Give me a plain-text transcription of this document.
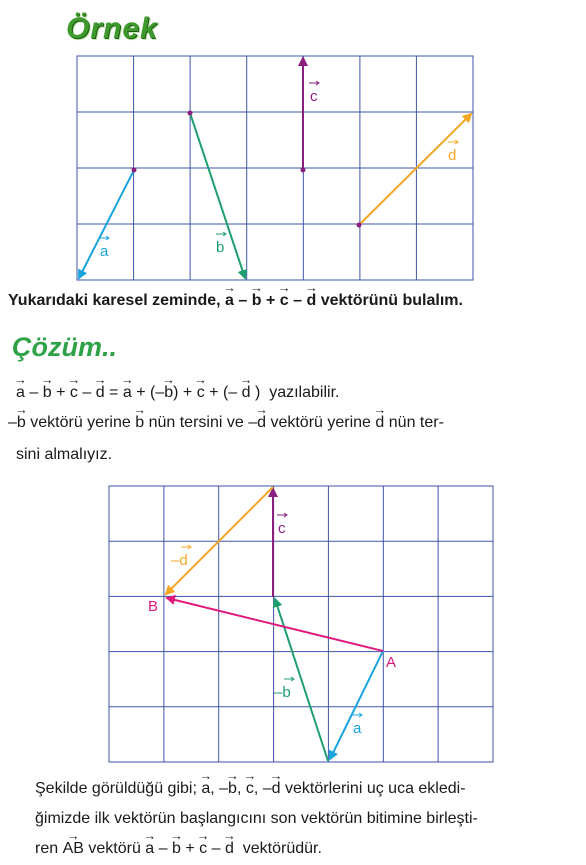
Örnek
a	b
c
d
c
–d
–b
a
A
B
Yukarıdaki karesel zeminde, → a – → b + → c – → d vektörünü bulalım.
Çözüm..
→ a – → b + → c – → d = → a + (–→ b) + → c + (– → d ) yazılabilir.
–→ b vektörü yerine → b nün tersini ve –→ d vektörü yerine → d nün ter-
sini almalıyız.
Şekilde görüldüğü gibi; → a, –→ b, → c, –→ d vektörlerini uç uca ekledi-
ğimizde ilk vektörün başlangıcını son vektörün bitimine birleşti-
ren → AB vektörü → a – → b + → c – → d vektörüdür.
